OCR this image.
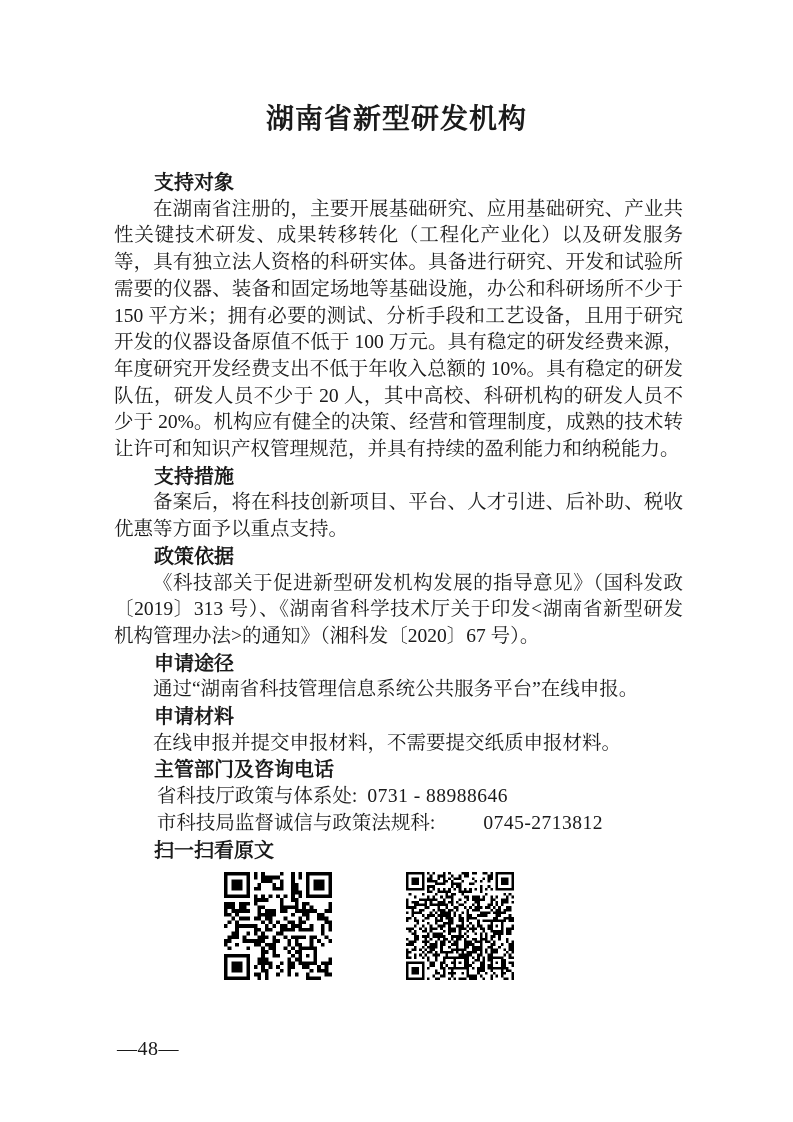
湖南省新型研发机构
支持对象

在湖南省注册的，主要开展基础研究、应用基础研究、产业共性关键技术研发、成果转移转化（工程化产业化）以及研发服务等，具有独立法人资格的科研实体。具备进行研究、开发和试验所需要的仪器、装备和固定场地等基础设施，办公和科研场所不少于 150 平方米；拥有必要的测试、分析手段和工艺设备，且用于研究开发的仪器设备原值不低于 100 万元。具有稳定的研发经费来源，年度研究开发经费支出不低于年收入总额的 10%。具有稳定的研发队伍，研发人员不少于 20 人，其中高校、科研机构的研发人员不少于 20%。机构应有健全的决策、经营和管理制度，成熟的技术转让许可和知识产权管理规范，并具有持续的盈利能力和纳税能力。

支持措施

备案后，将在科技创新项目、平台、人才引进、后补助、税收优惠等方面予以重点支持。

政策依据

《科技部关于促进新型研发机构发展的指导意见》（国科发政〔2019〕313 号）、《湖南省科学技术厅关于印发<湖南省新型研发机构管理办法>的通知》（湘科发〔2020〕67 号）。

申请途径

通过“湖南省科技管理信息系统公共服务平台”在线申报。

申请材料

在线申报并提交申报材料，不需要提交纸质申报材料。

主管部门及咨询电话
省科技厅政策与体系处: 0731 - 88988646
市科技局监督诚信与政策法规科: 0745-2713812
扫一扫看原文
—48—
